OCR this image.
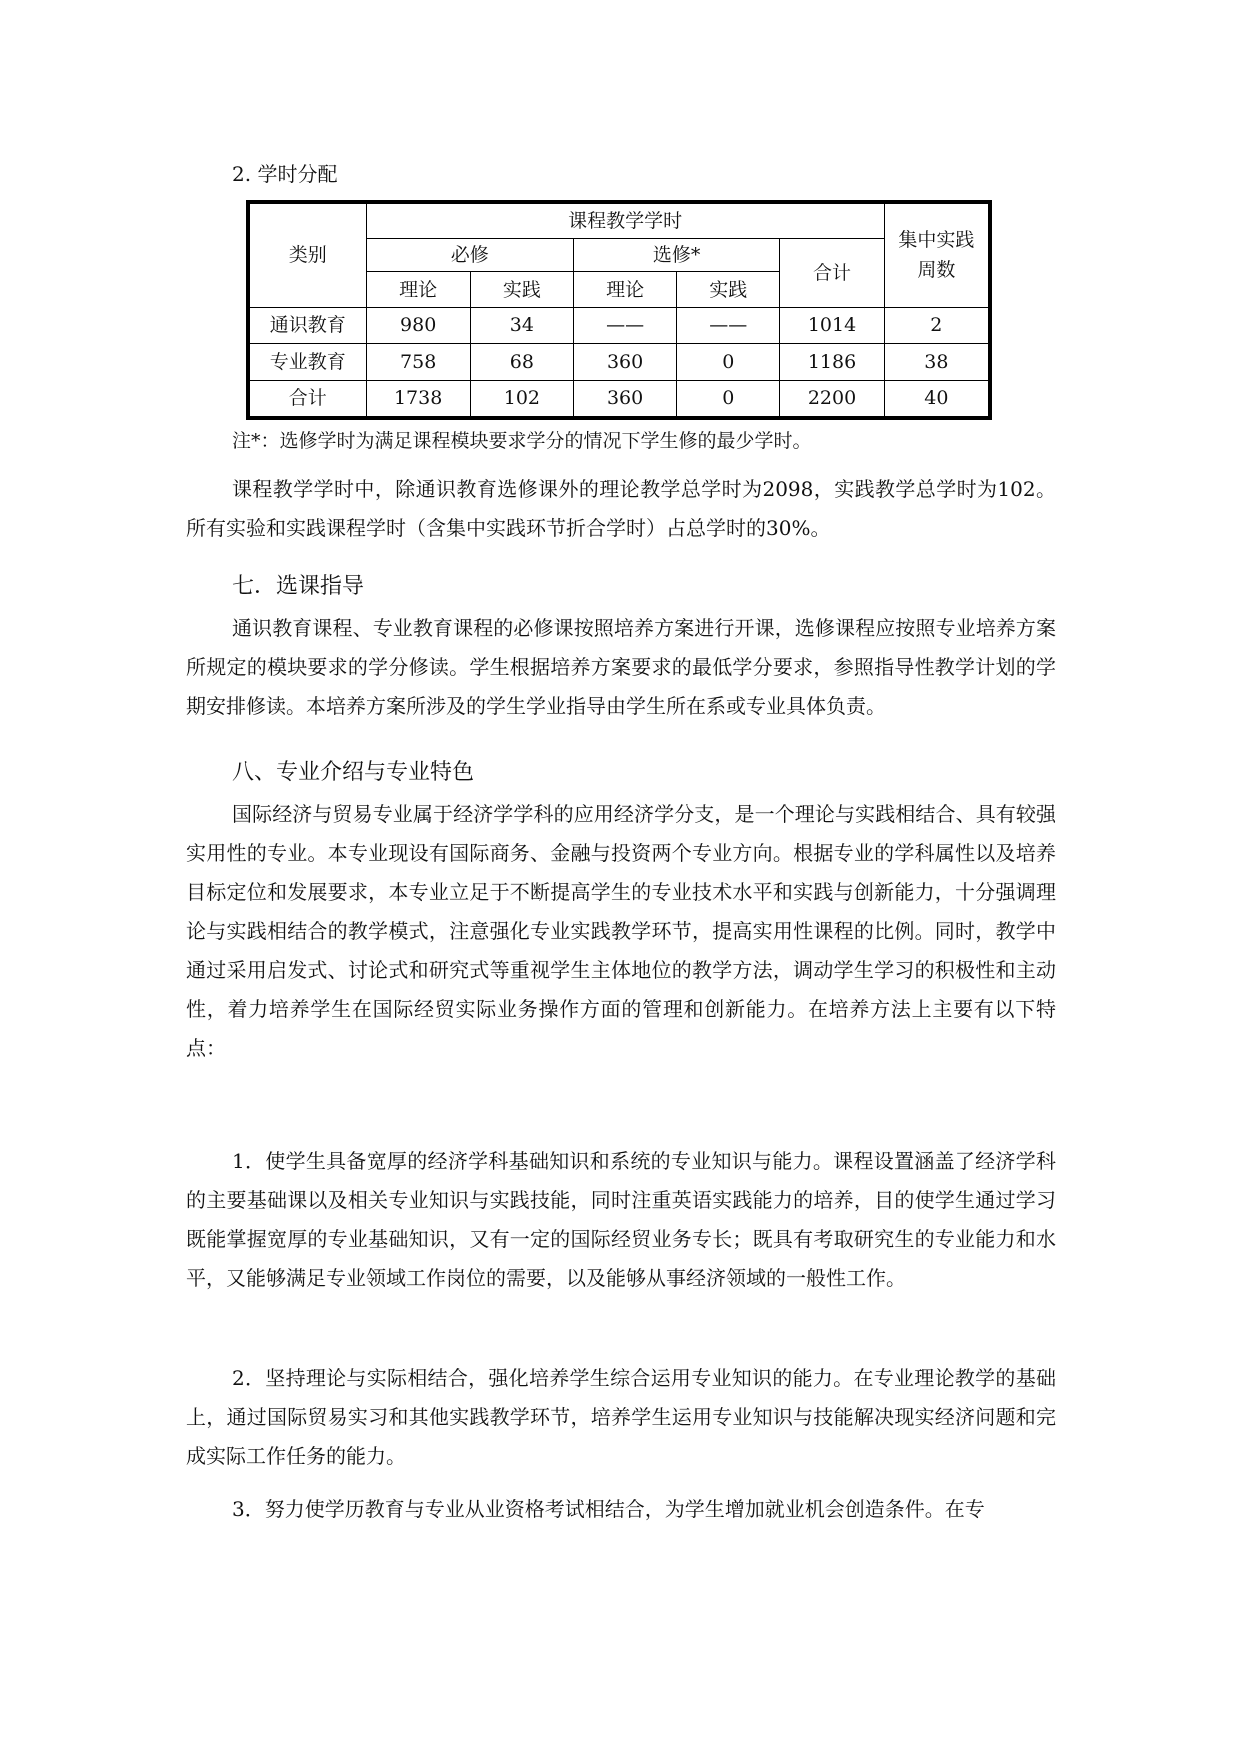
2. 学时分配
类别	课程教学学时					集中实践周数

	必修		选修*		合计	
	理论	实践	理论	实践		
通识教育	980	34	——	——	1014	2
专业教育	758	68	360	0	1186	38
合计	1738	102	360	0	2200	40
注*：选修学时为满足课程模块要求学分的情况下学生修的最少学时。

课程教学学时中，除通识教育选修课外的理论教学总学时为2098，实践教学总学时为102。所有实验和实践课程学时（含集中实践环节折合学时）占总学时的30%。

七．选课指导

通识教育课程、专业教育课程的必修课按照培养方案进行开课，选修课程应按照专业培养方案所规定的模块要求的学分修读。学生根据培养方案要求的最低学分要求，参照指导性教学计划的学期安排修读。本培养方案所涉及的学生学业指导由学生所在系或专业具体负责。

八、专业介绍与专业特色

国际经济与贸易专业属于经济学学科的应用经济学分支，是一个理论与实践相结合、具有较强实用性的专业。本专业现设有国际商务、金融与投资两个专业方向。根据专业的学科属性以及培养目标定位和发展要求，本专业立足于不断提高学生的专业技术水平和实践与创新能力，十分强调理论与实践相结合的教学模式，注意强化专业实践教学环节，提高实用性课程的比例。同时，教学中通过采用启发式、讨论式和研究式等重视学生主体地位的教学方法，调动学生学习的积极性和主动性，着力培养学生在国际经贸实际业务操作方面的管理和创新能力。在培养方法上主要有以下特点：

1．使学生具备宽厚的经济学科基础知识和系统的专业知识与能力。课程设置涵盖了经济学科的主要基础课以及相关专业知识与实践技能，同时注重英语实践能力的培养，目的使学生通过学习既能掌握宽厚的专业基础知识，又有一定的国际经贸业务专长；既具有考取研究生的专业能力和水平，又能够满足专业领域工作岗位的需要，以及能够从事经济领域的一般性工作。

2．坚持理论与实际相结合，强化培养学生综合运用专业知识的能力。在专业理论教学的基础上，通过国际贸易实习和其他实践教学环节，培养学生运用专业知识与技能解决现实经济问题和完成实际工作任务的能力。

3．努力使学历教育与专业从业资格考试相结合，为学生增加就业机会创造条件。在专
